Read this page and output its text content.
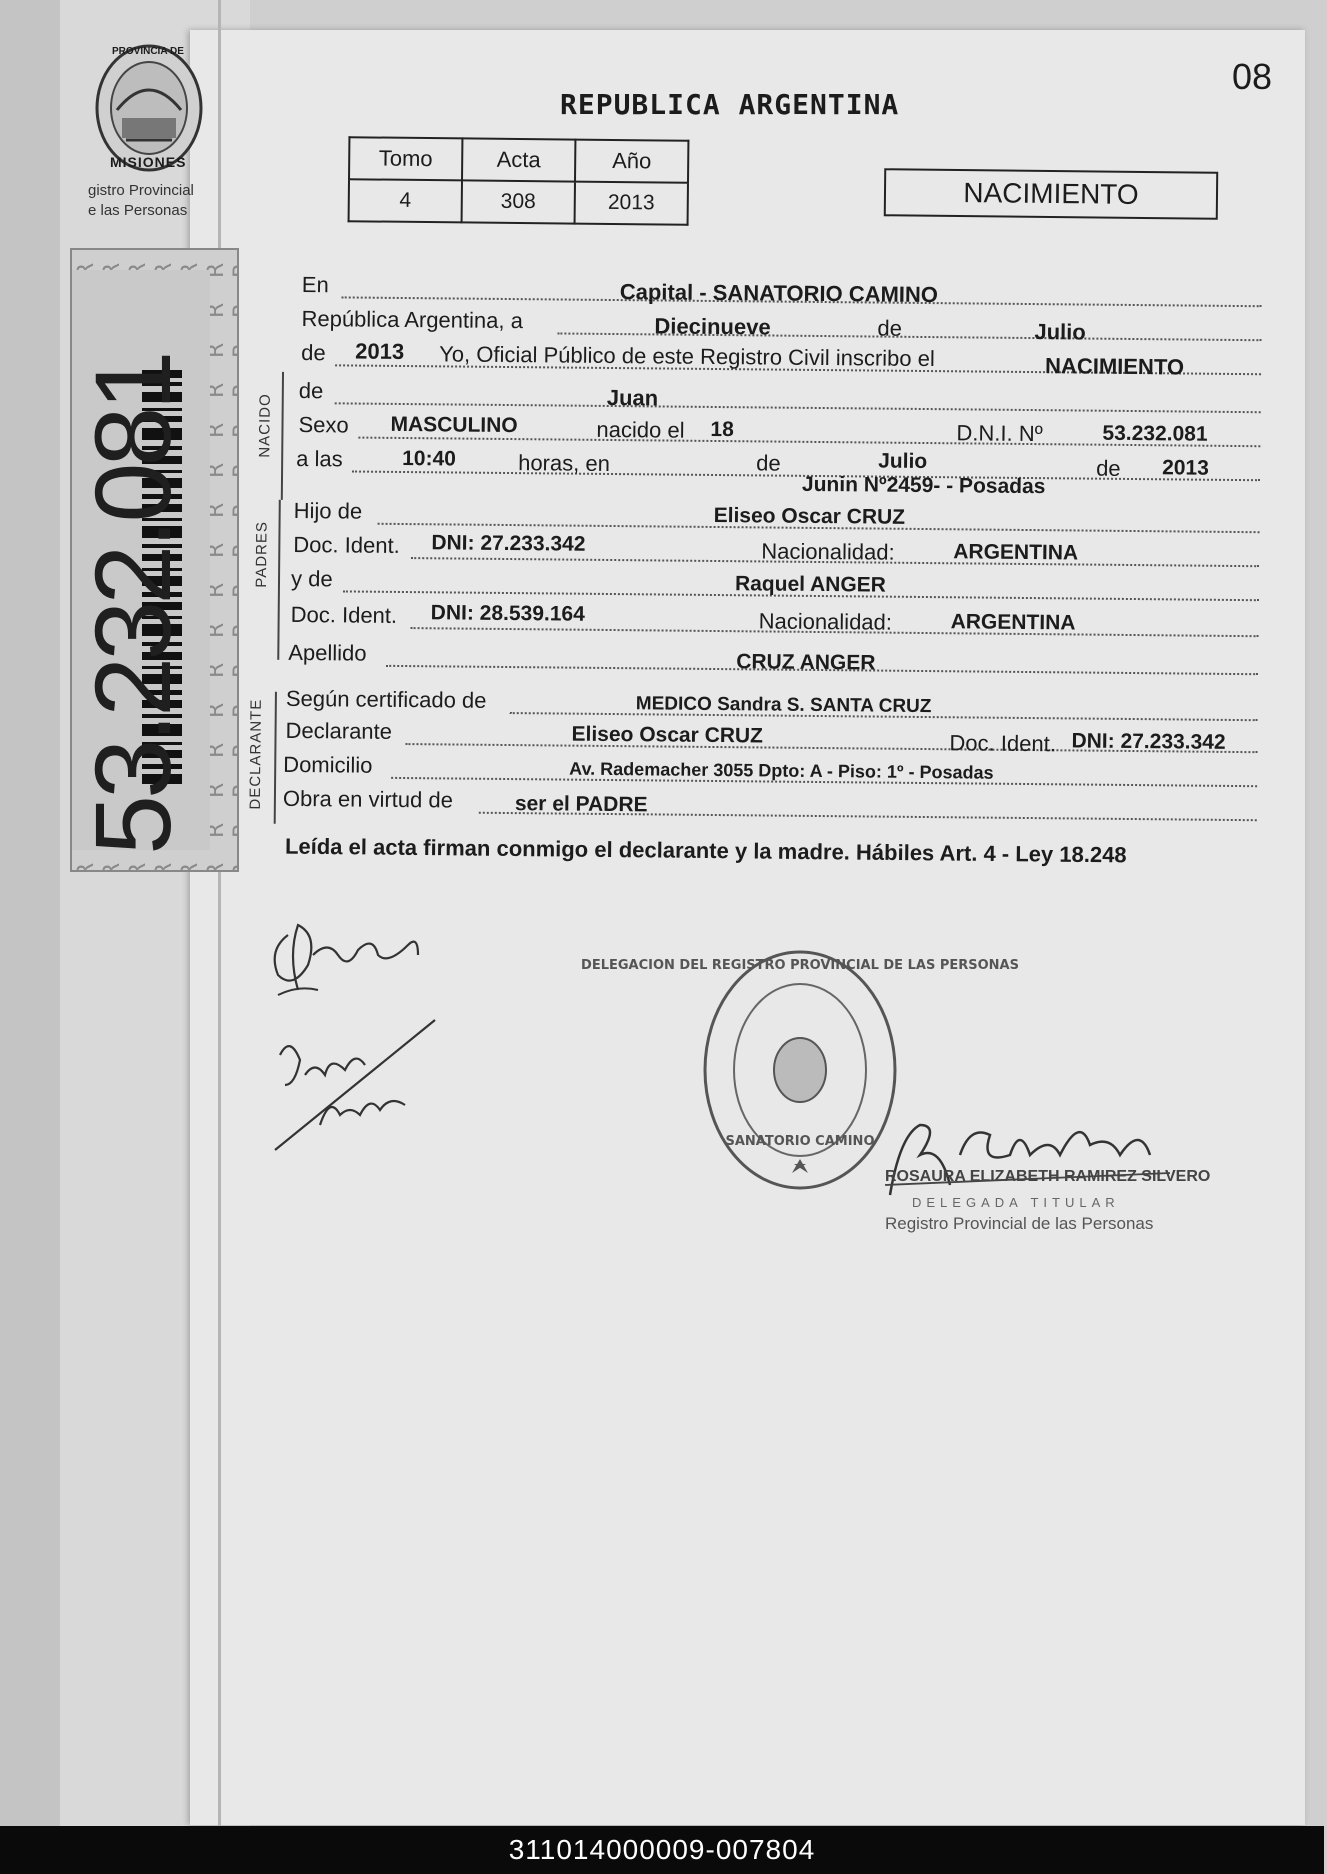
PROVINCIA DE
MISIONES
gistro Provincial
e las Personas
53.232.081
REPUBLICA ARGENTINA
08
Tomo	Acta	Año
4	308	2013	NACIMIENTO
NACIDO
PADRES
DECLARANTE
En	Capital - SANATORIO CAMINO
República Argentina, a	Diecinueve	de	Julio
de 2013 Yo, Oficial Público de este Registro Civil inscribo el	NACIMIENTO
de	Juan
Sexo MASCULINO	nacido el 18	D.N.I. Nº	53.232.081
a las	10:40	horas, en	de	Julio	de 2013
Junin Nº2459- - Posadas
Hijo de	Eliseo Oscar CRUZ
Doc. Ident. DNI: 27.233.342	Nacionalidad:	ARGENTINA
y de	Raquel ANGER
Doc. Ident. DNI: 28.539.164	Nacionalidad:	ARGENTINA
Apellido	CRUZ ANGER
Según certificado de	MEDICO Sandra S. SANTA CRUZ
Declarante	Eliseo Oscar CRUZ	Doc. Ident. DNI: 27.233.342
Domicilio	Av. Rademacher 3055 Dpto: A - Piso: 1º - Posadas
Obra en virtud de	ser el PADRE
Leída el acta firman conmigo el declarante y la madre. Hábiles Art. 4 - Ley 18.248
DELEGACION DEL REGISTRO PROVINCIAL DE LAS PERSONAS
SANATORIO CAMINO
ROSAURA ELIZABETH RAMIREZ SILVERO
DELEGADA TITULAR
Registro Provincial de las Personas
311014000009-007804
